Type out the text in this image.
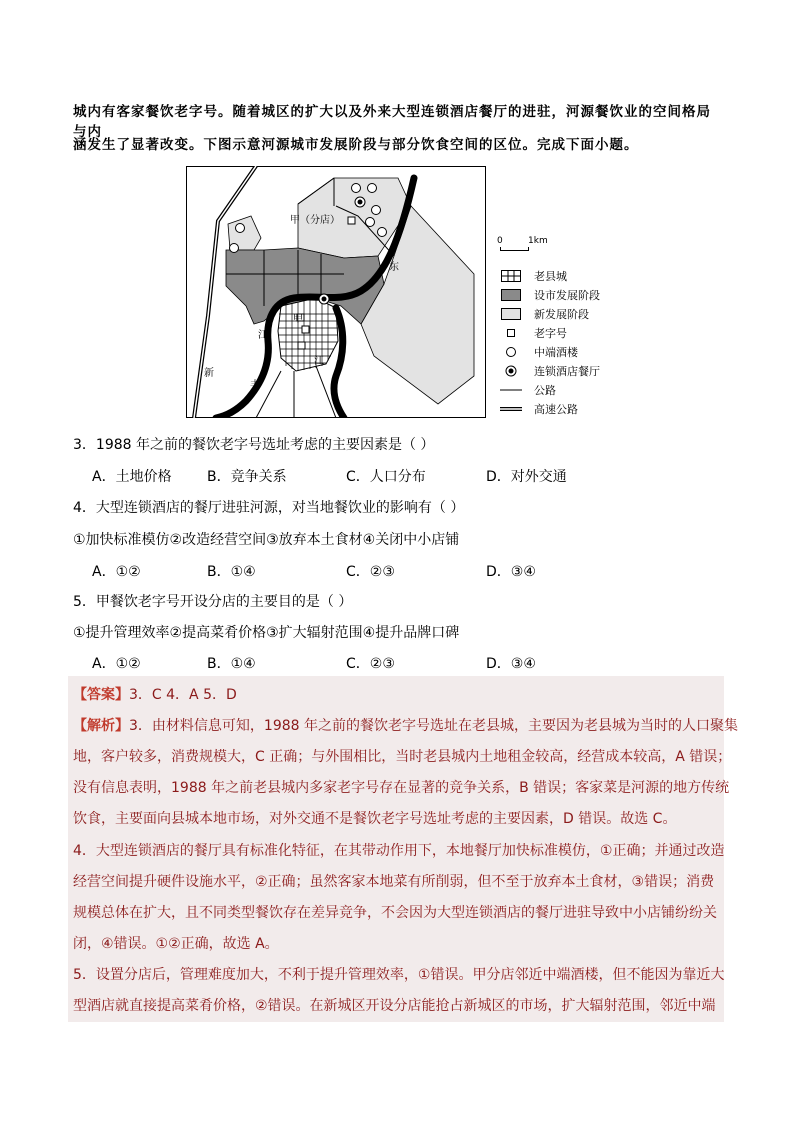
城内有客家餐饮老字号。随着城区的扩大以及外来大型连锁酒店餐厅的进驻，河源餐饮业的空间格局与内
涵发生了显著改变。下图示意河源城市发展阶段与部分饮食空间的区位。完成下面小题。
甲（分店）
甲
东
江
江
新
丰
0	1km
老县城
设市发展阶段
新发展阶段
老字号
中端酒楼
连锁酒店餐厅
公路
高速公路
3．1988 年之前的餐饮老字号选址考虑的主要因素是（ ）
A．土地价格	B．竞争关系	C．人口分布	D．对外交通
4．大型连锁酒店的餐厅进驻河源，对当地餐饮业的影响有（ ）
①加快标准模仿②改造经营空间③放弃本土食材④关闭中小店铺
A．①②	B．①④	C．②③	D．③④
5．甲餐饮老字号开设分店的主要目的是（ ）
①提升管理效率②提高菜肴价格③扩大辐射范围④提升品牌口碑
A．①②	B．①④	C．②③	D．③④
【答案】3．C 4．A 5．D
【解析】3．由材料信息可知，1988 年之前的餐饮老字号选址在老县城，主要因为老县城为当时的人口聚集
地，客户较多，消费规模大，C 正确；与外围相比，当时老县城内土地租金较高，经营成本较高，A 错误；
没有信息表明，1988 年之前老县城内多家老字号存在显著的竞争关系，B 错误；客家菜是河源的地方传统
饮食，主要面向县城本地市场，对外交通不是餐饮老字号选址考虑的主要因素，D 错误。故选 C。
4．大型连锁酒店的餐厅具有标准化特征，在其带动作用下，本地餐厅加快标准模仿，①正确；并通过改造
经营空间提升硬件设施水平，②正确；虽然客家本地菜有所削弱，但不至于放弃本土食材，③错误；消费
规模总体在扩大，且不同类型餐饮存在差异竞争，不会因为大型连锁酒店的餐厅进驻导致中小店铺纷纷关
闭，④错误。①②正确，故选 A。
5．设置分店后，管理难度加大，不利于提升管理效率，①错误。甲分店邻近中端酒楼，但不能因为靠近大
型酒店就直接提高菜肴价格，②错误。在新城区开设分店能抢占新城区的市场，扩大辐射范围，邻近中端
